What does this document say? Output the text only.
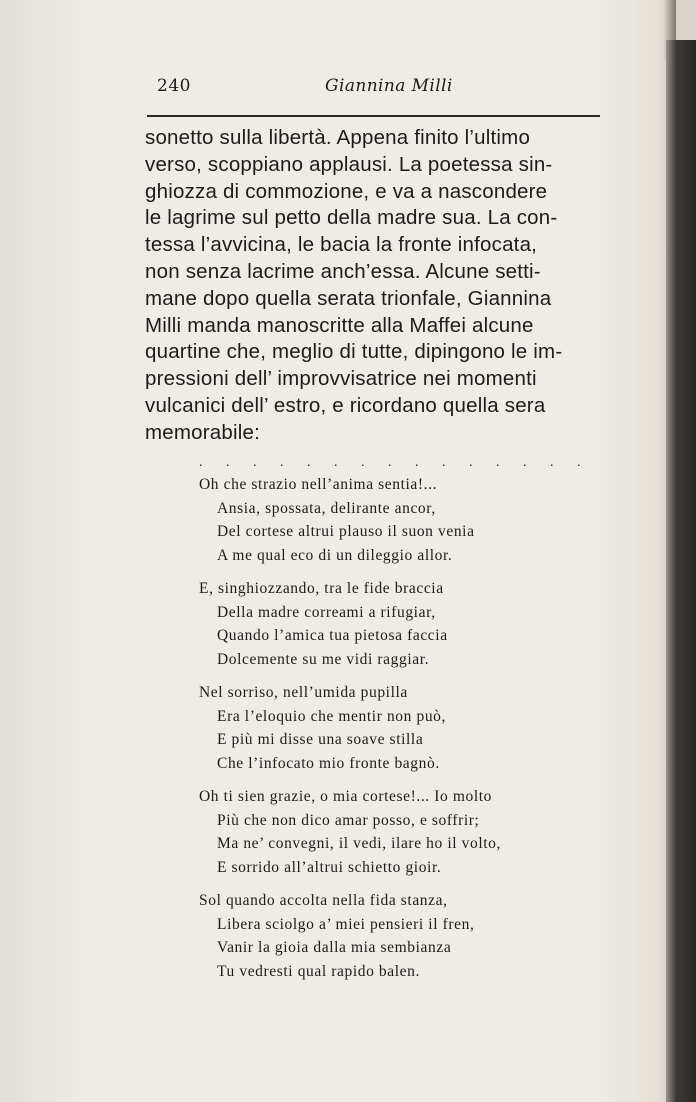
240	Giannina Milli
sonetto sulla libertà. Appena finito l’ultimo
verso, scoppiano applausi. La poetessa sin-
ghiozza di commozione, e va a nascondere
le lagrime sul petto della madre sua. La con-
tessa l’avvicina, le bacia la fronte infocata,
non senza lacrime anch’essa. Alcune setti-
mane dopo quella serata trionfale, Giannina
Milli manda manoscritte alla Maffei alcune
quartine che, meglio di tutte, dipingono le im-
pressioni dell’ improvvisatrice nei momenti
vulcanici dell’ estro, e ricordano quella sera
memorabile:
. . . . . . . . . . . . . . .
Oh che strazio nell’anima sentia!...
Ansia, spossata, delirante ancor,
Del cortese altrui plauso il suon venia
A me qual eco di un dileggio allor.
E, singhiozzando, tra le fide braccia
Della madre correami a rifugiar,
Quando l’amica tua pietosa faccia
Dolcemente su me vidi raggiar.
Nel sorriso, nell’umida pupilla
Era l’eloquio che mentir non può,
E più mi disse una soave stilla
Che l’infocato mio fronte bagnò.
Oh ti sien grazie, o mia cortese!... Io molto
Più che non dico amar posso, e soffrir;
Ma ne’ convegni, il vedi, ilare ho il volto,
E sorrido all’altrui schietto gioir.
Sol quando accolta nella fida stanza,
Libera sciolgo a’ miei pensieri il fren,
Vanir la gioia dalla mia sembianza
Tu vedresti qual rapido balen.
